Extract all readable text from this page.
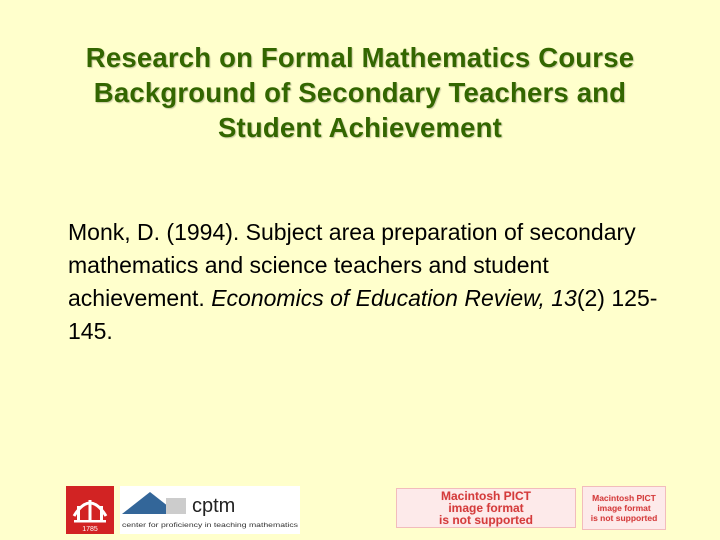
Research on Formal Mathematics Course
Background of Secondary Teachers and
Student Achievement
Monk, D. (1994). Subject area preparation of secondary mathematics and science teachers and student achievement. Economics of Education Review, 13(2) 125-145.
1785
cptm
center for proficiency in teaching mathematics
Macintosh PICT
image format
is not supported
Macintosh PICT
image format
is not supported
